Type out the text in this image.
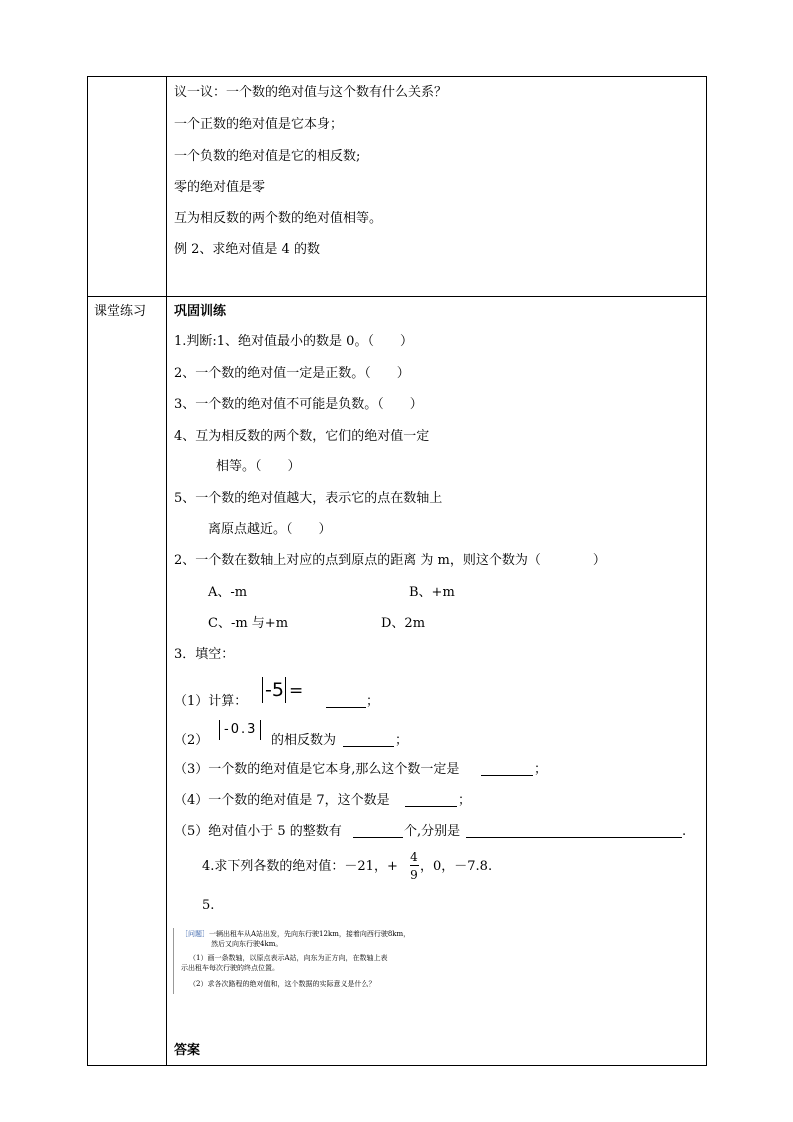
议一议：一个数的绝对值与这个数有什么关系？
一个正数的绝对值是它本身；
一个负数的绝对值是它的相反数;
零的绝对值是零
互为相反数的两个数的绝对值相等。
例 2、求绝对值是 4 的数
课堂练习 巩固训练
1.判断:1、绝对值最小的数是 0。（　　）
2、一个数的绝对值一定是正数。（　　）
3、一个数的绝对值不可能是负数。（　　）
4、互为相反数的两个数，它们的绝对值一定
相等。（　　）
5、一个数的绝对值越大，表示它的点在数轴上
离原点越近。（　　）
2、一个数在数轴上对应的点到原点的距离 为 m，则这个数为（　　　　）
A、-m	B、+m
C、-m 与+m	D、2m
3．填空：
（1）计算：
-5 =
；
（2）
-0.3
的相反数为	；
（3）一个数的绝对值是它本身,那么这个数一定是	；
（4）一个数的绝对值是 7，这个数是	；
（5）绝对值小于 5 的整数有	个,分别是	.
4.求下列各数的绝对值：－21，+
4
9
，0，－7.8.
5.
［问题］一辆出租车从A站出发，先向东行驶12km，接着向西行驶8km，
然后又向东行驶4km。
（1）画一条数轴，以原点表示A站，向东为正方向，在数轴上表
示出租车每次行驶的终点位置。
（2）求各次路程的绝对值和，这个数据的实际意义是什么？
答案
